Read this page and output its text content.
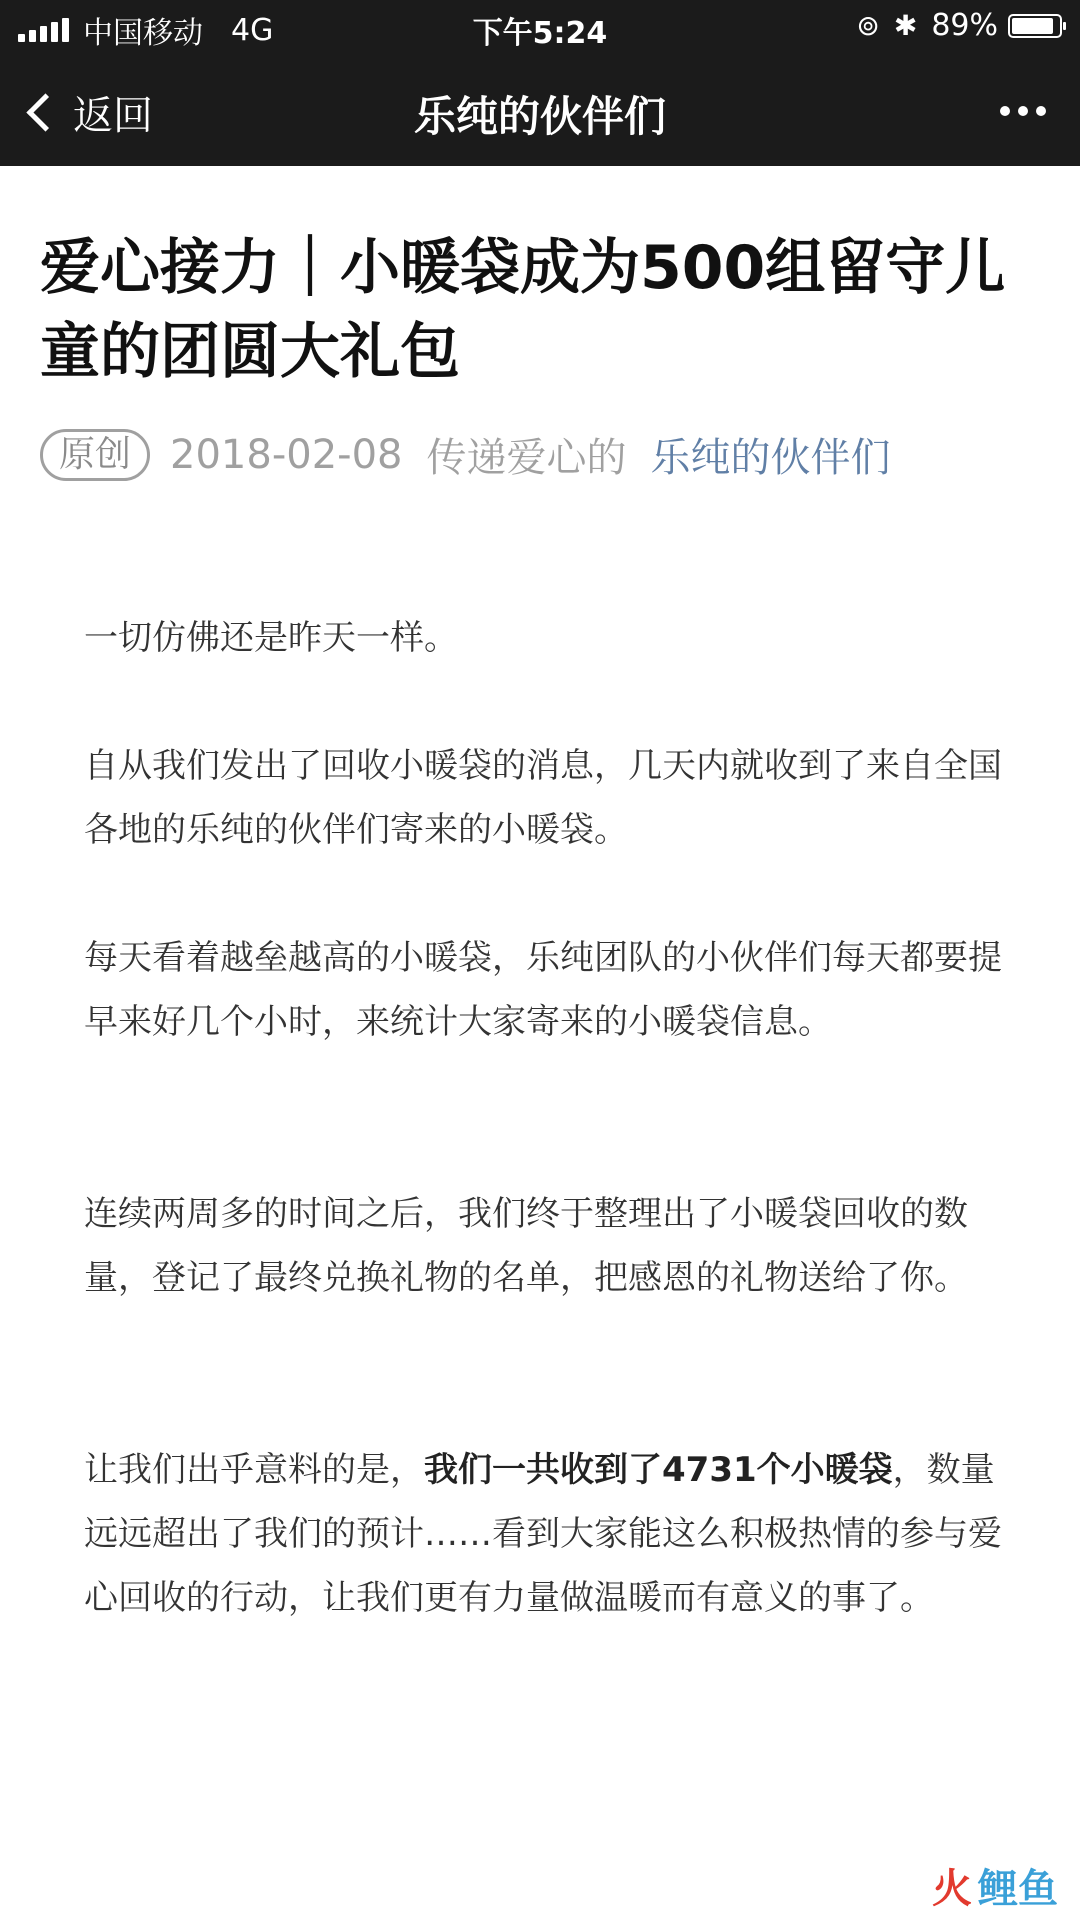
中国移动 4G	下午5:24	⊚ ✱ 89%
返回	乐纯的伙伴们
爱心接力｜小暖袋成为500组留守儿童的团圆大礼包
原创 2018-02-08 传递爱心的 乐纯的伙伴们
一切仿佛还是昨天一样。
自从我们发出了回收小暖袋的消息，几天内就收到了来自全国各地的乐纯的伙伴们寄来的小暖袋。
每天看着越垒越高的小暖袋，乐纯团队的小伙伴们每天都要提早来好几个小时，来统计大家寄来的小暖袋信息。
连续两周多的时间之后，我们终于整理出了小暖袋回收的数量，登记了最终兑换礼物的名单，把感恩的礼物送给了你。
让我们出乎意料的是，我们一共收到了4731个小暖袋，数量远远超出了我们的预计……看到大家能这么积极热情的参与爱心回收的行动，让我们更有力量做温暖而有意义的事了。
火 鲤鱼
